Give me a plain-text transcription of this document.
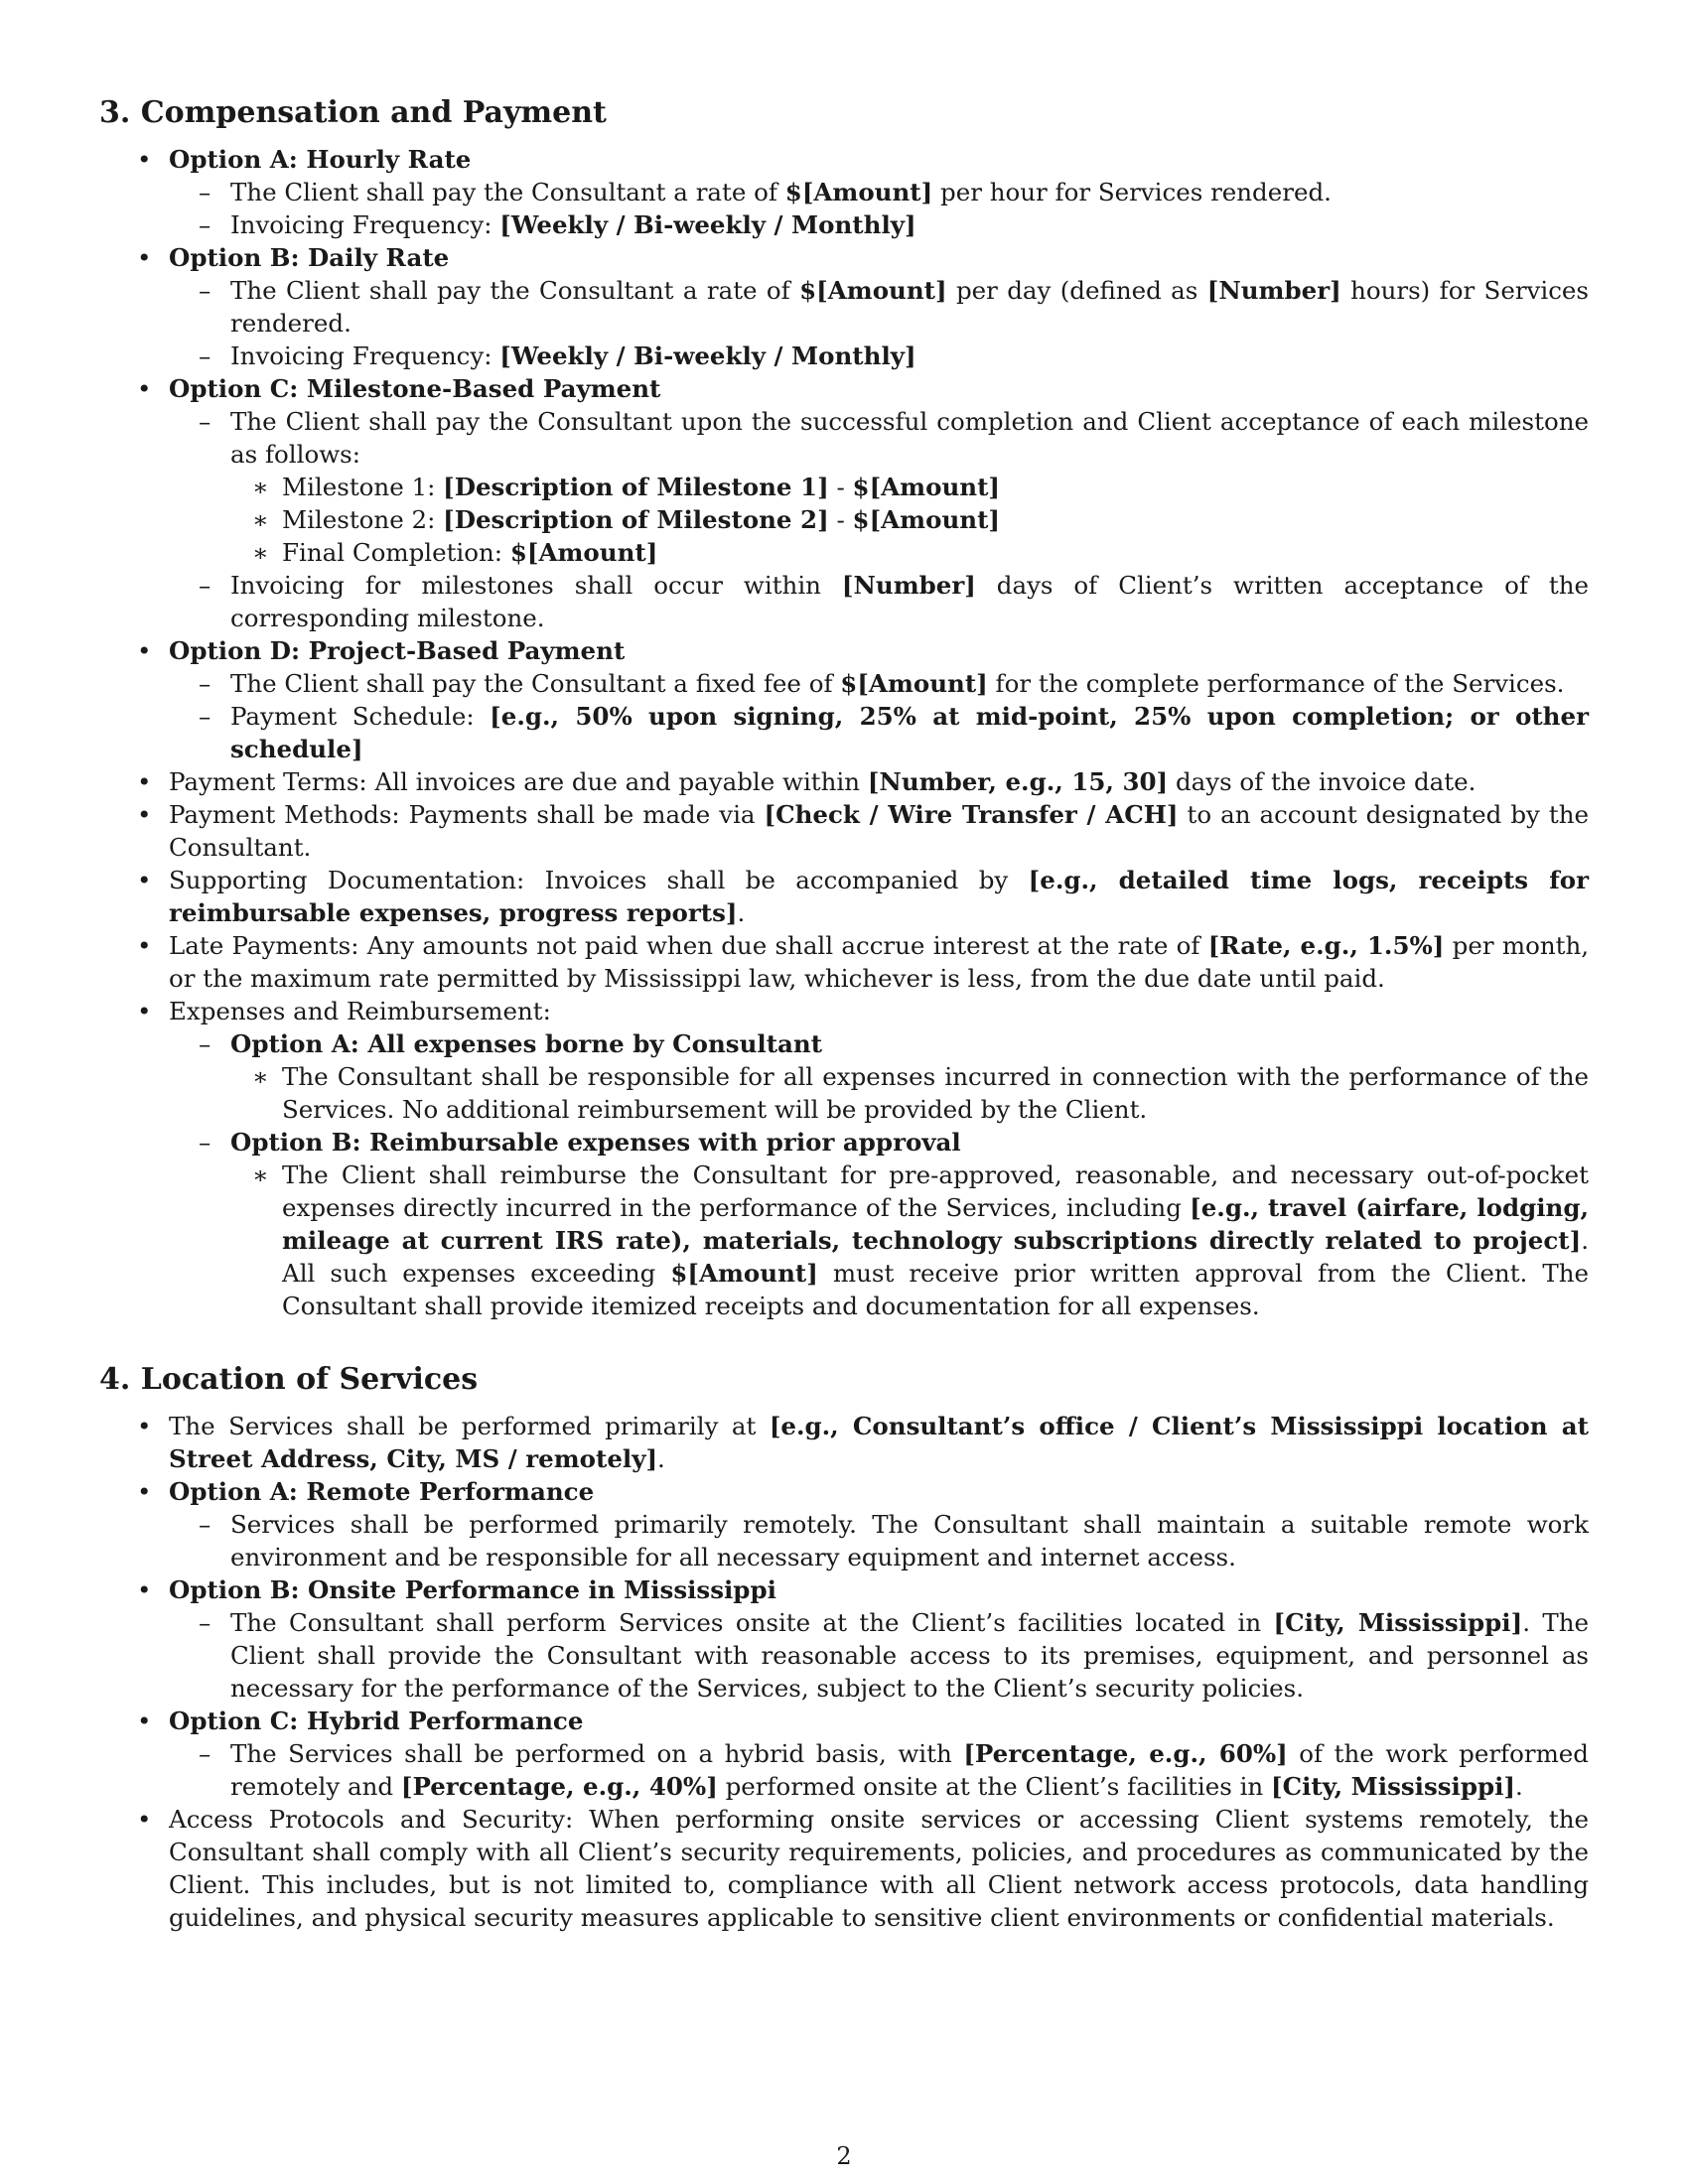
3. Compensation and Payment
• Option A: Hourly Rate
– The Client shall pay the Consultant a rate of $[Amount] per hour for Services rendered.
– Invoicing Frequency: [Weekly / Bi-weekly / Monthly]
• Option B: Daily Rate
– The Client shall pay the Consultant a rate of $[Amount] per day (defined as [Number] hours) for Services rendered.
– Invoicing Frequency: [Weekly / Bi-weekly / Monthly]
• Option C: Milestone-Based Payment
– The Client shall pay the Consultant upon the successful completion and Client acceptance of each milestone as follows:
∗ Milestone 1: [Description of Milestone 1] - $[Amount]
∗ Milestone 2: [Description of Milestone 2] - $[Amount]
∗ Final Completion: $[Amount]
– Invoicing for milestones shall occur within [Number] days of Client’s written acceptance of the corresponding milestone.
• Option D: Project-Based Payment
– The Client shall pay the Consultant a fixed fee of $[Amount] for the complete performance of the Services.
– Payment Schedule: [e.g., 50% upon signing, 25% at mid-point, 25% upon completion; or other schedule]
• Payment Terms: All invoices are due and payable within [Number, e.g., 15, 30] days of the invoice date.
• Payment Methods: Payments shall be made via [Check / Wire Transfer / ACH] to an account designated by the Consultant.
• Supporting Documentation: Invoices shall be accompanied by [e.g., detailed time logs, receipts for reimbursable expenses, progress reports].
• Late Payments: Any amounts not paid when due shall accrue interest at the rate of [Rate, e.g., 1.5%] per month, or the maximum rate permitted by Mississippi law, whichever is less, from the due date until paid.
• Expenses and Reimbursement:
– Option A: All expenses borne by Consultant
∗ The Consultant shall be responsible for all expenses incurred in connection with the performance of the Services. No additional reimbursement will be provided by the Client.
– Option B: Reimbursable expenses with prior approval
∗ The Client shall reimburse the Consultant for pre-approved, reasonable, and necessary out-of-pocket expenses directly incurred in the performance of the Services, including [e.g., travel (airfare, lodging, mileage at current IRS rate), materials, technology subscriptions directly related to project]. All such expenses exceeding $[Amount] must receive prior written approval from the Client. The Consultant shall provide itemized receipts and documentation for all expenses.
4. Location of Services
• The Services shall be performed primarily at [e.g., Consultant’s office / Client’s Mississippi location at Street Address, City, MS / remotely].
• Option A: Remote Performance
– Services shall be performed primarily remotely. The Consultant shall maintain a suitable remote work environment and be responsible for all necessary equipment and internet access.
• Option B: Onsite Performance in Mississippi
– The Consultant shall perform Services onsite at the Client’s facilities located in [City, Mississippi]. The Client shall provide the Consultant with reasonable access to its premises, equipment, and personnel as necessary for the performance of the Services, subject to the Client’s security policies.
• Option C: Hybrid Performance
– The Services shall be performed on a hybrid basis, with [Percentage, e.g., 60%] of the work performed remotely and [Percentage, e.g., 40%] performed onsite at the Client’s facilities in [City, Mississippi].
• Access Protocols and Security: When performing onsite services or accessing Client systems remotely, the Consultant shall comply with all Client’s security requirements, policies, and procedures as communicated by the Client. This includes, but is not limited to, compliance with all Client network access protocols, data handling guidelines, and physical security measures applicable to sensitive client environments or confidential materials.
2
